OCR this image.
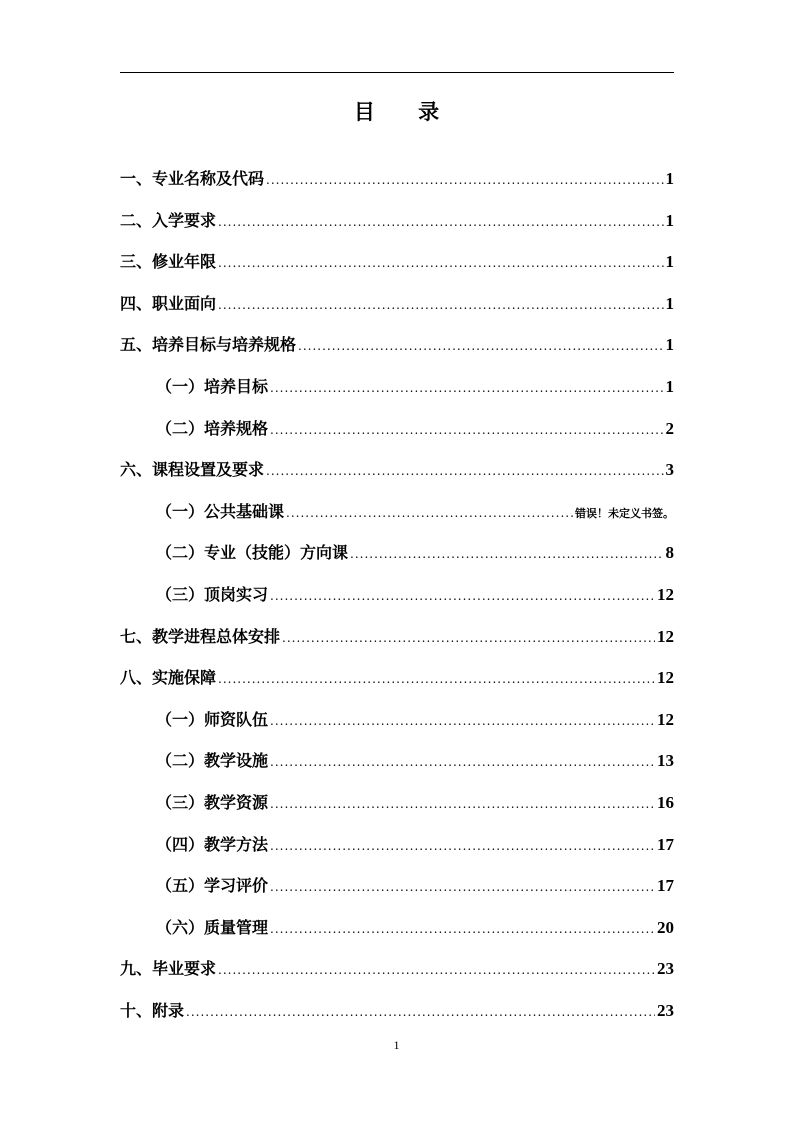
目 录
一、专业名称及代码 .....	1
二、入学要求 .....	1
三、修业年限 .....	1
四、职业面向 .....	1
五、培养目标与培养规格 .....	1
（一）培养目标 .....	1
（二）培养规格 .....	2
六、课程设置及要求 .....	3
（一）公共基础课 .....	错误！未定义书签。
（二）专业（技能）方向课 .....	8
（三）顶岗实习 .....	12
七、教学进程总体安排 .....	12
八、实施保障 .....	12
（一）师资队伍 .....	12
（二）教学设施 .....	13
（三）教学资源 .....	16
（四）教学方法 .....	17
（五）学习评价 .....	17
（六）质量管理 .....	20
九、毕业要求 .....	23
十、附录 .....	23
1
